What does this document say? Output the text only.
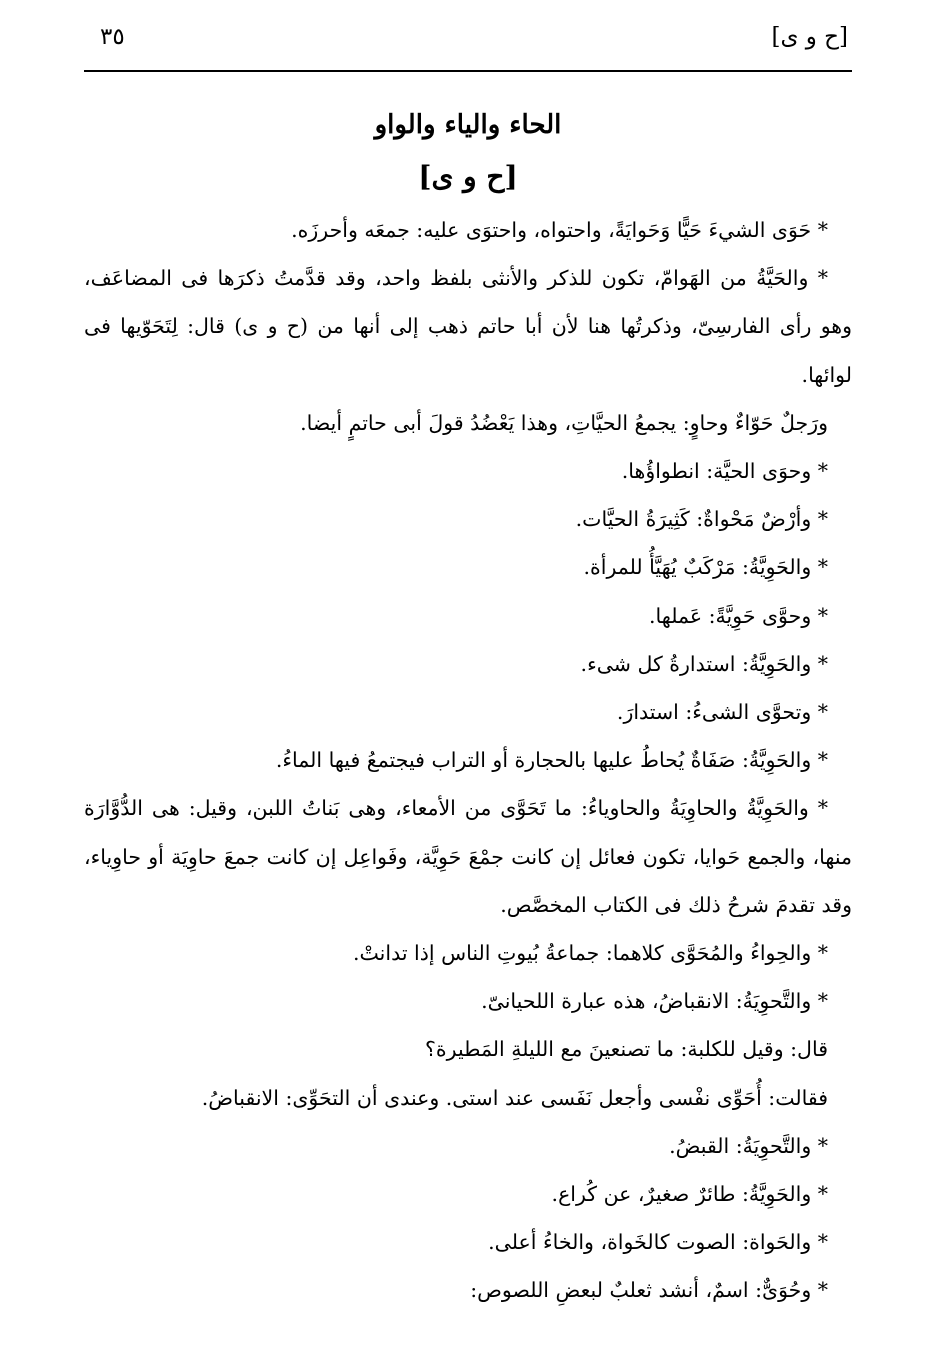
[ح و ى]
٣٥
الحاء والياء والواو
[ح و ى]

* حَوَى الشيءَ حَيًّا وَحَوايَةً، واحتواه، واحتوَى عليه: جمعَه وأحرزَه.

* والحَيَّةُ من الهَوامّ، تكون للذكر والأنثى بلفظ واحد، وقد قدَّمتُ ذكرَها فى المضاعَف، وهو رأى الفارسِىّ، وذكرتُها هنا لأن أبا حاتم ذهب إلى أنها من (ح و ى) قال: لِتَحَوّيها فى لوائها.

ورَجلٌ حَوّاءٌ وحاوٍ: يجمعُ الحيَّاتِ، وهذا يَعْضُدُ قولَ أبى حاتمٍ أيضا.

* وحوَى الحيَّة: انطواؤُها.

* وأرْضٌ مَحْواةٌ: كَثِيرَةُ الحيَّات.

* والحَوِيَّةُ: مَرْكَبٌ يُهَيَّأُ للمرأة.

* وحوَّى حَوِيَّةً: عَملها.

* والحَوِيَّةُ: استدارةُ كل شىء.

* وتحوَّى الشىءُ: استدارَ.

* والحَوِيَّةُ: صَفَاةٌ يُحاطُ عليها بالحجارة أو التراب فيجتمعُ فيها الماءُ.

* والحَوِيَّةُ والحاوِيَةُ والحاوياءُ: ما تَحَوَّى من الأمعاء، وهى بَناتُ اللبن، وقيل: هى الدُّوَّارَة منها، والجمع حَوايا، تكون فعائل إن كانت جمْعَ حَوِيَّة، وفَواعِل إن كانت جمعَ حاوِيَة أو حاوِياء، وقد تقدمَ شرحُ ذلك فى الكتاب المخصَّص.

* والحِواءُ والمُحَوَّى كلاهما: جماعةُ بُيوتِ الناس إذا تدانتْ.

* والتَّحوِيَةُ: الانقباضُ، هذه عبارة اللحيانىّ.

قال: وقيل للكلبة: ما تصنعينَ مع الليلةِ المَطيرة؟

فقالت: أُحَوِّى نفْسى وأجعل نَفَسى عند استى. وعندى أن التحَوِّى: الانقباضُ.

* والتَّحوِيَةُ: القبضُ.

* والحَوِيَّةُ: طائرٌ صغيرٌ، عن كُراع.

* والحَواة: الصوت كالخَواة، والخاءُ أعلى.

* وحُوَىٌّ: اسمٌ، أنشد ثعلبٌ لبعضِ اللصوص:
